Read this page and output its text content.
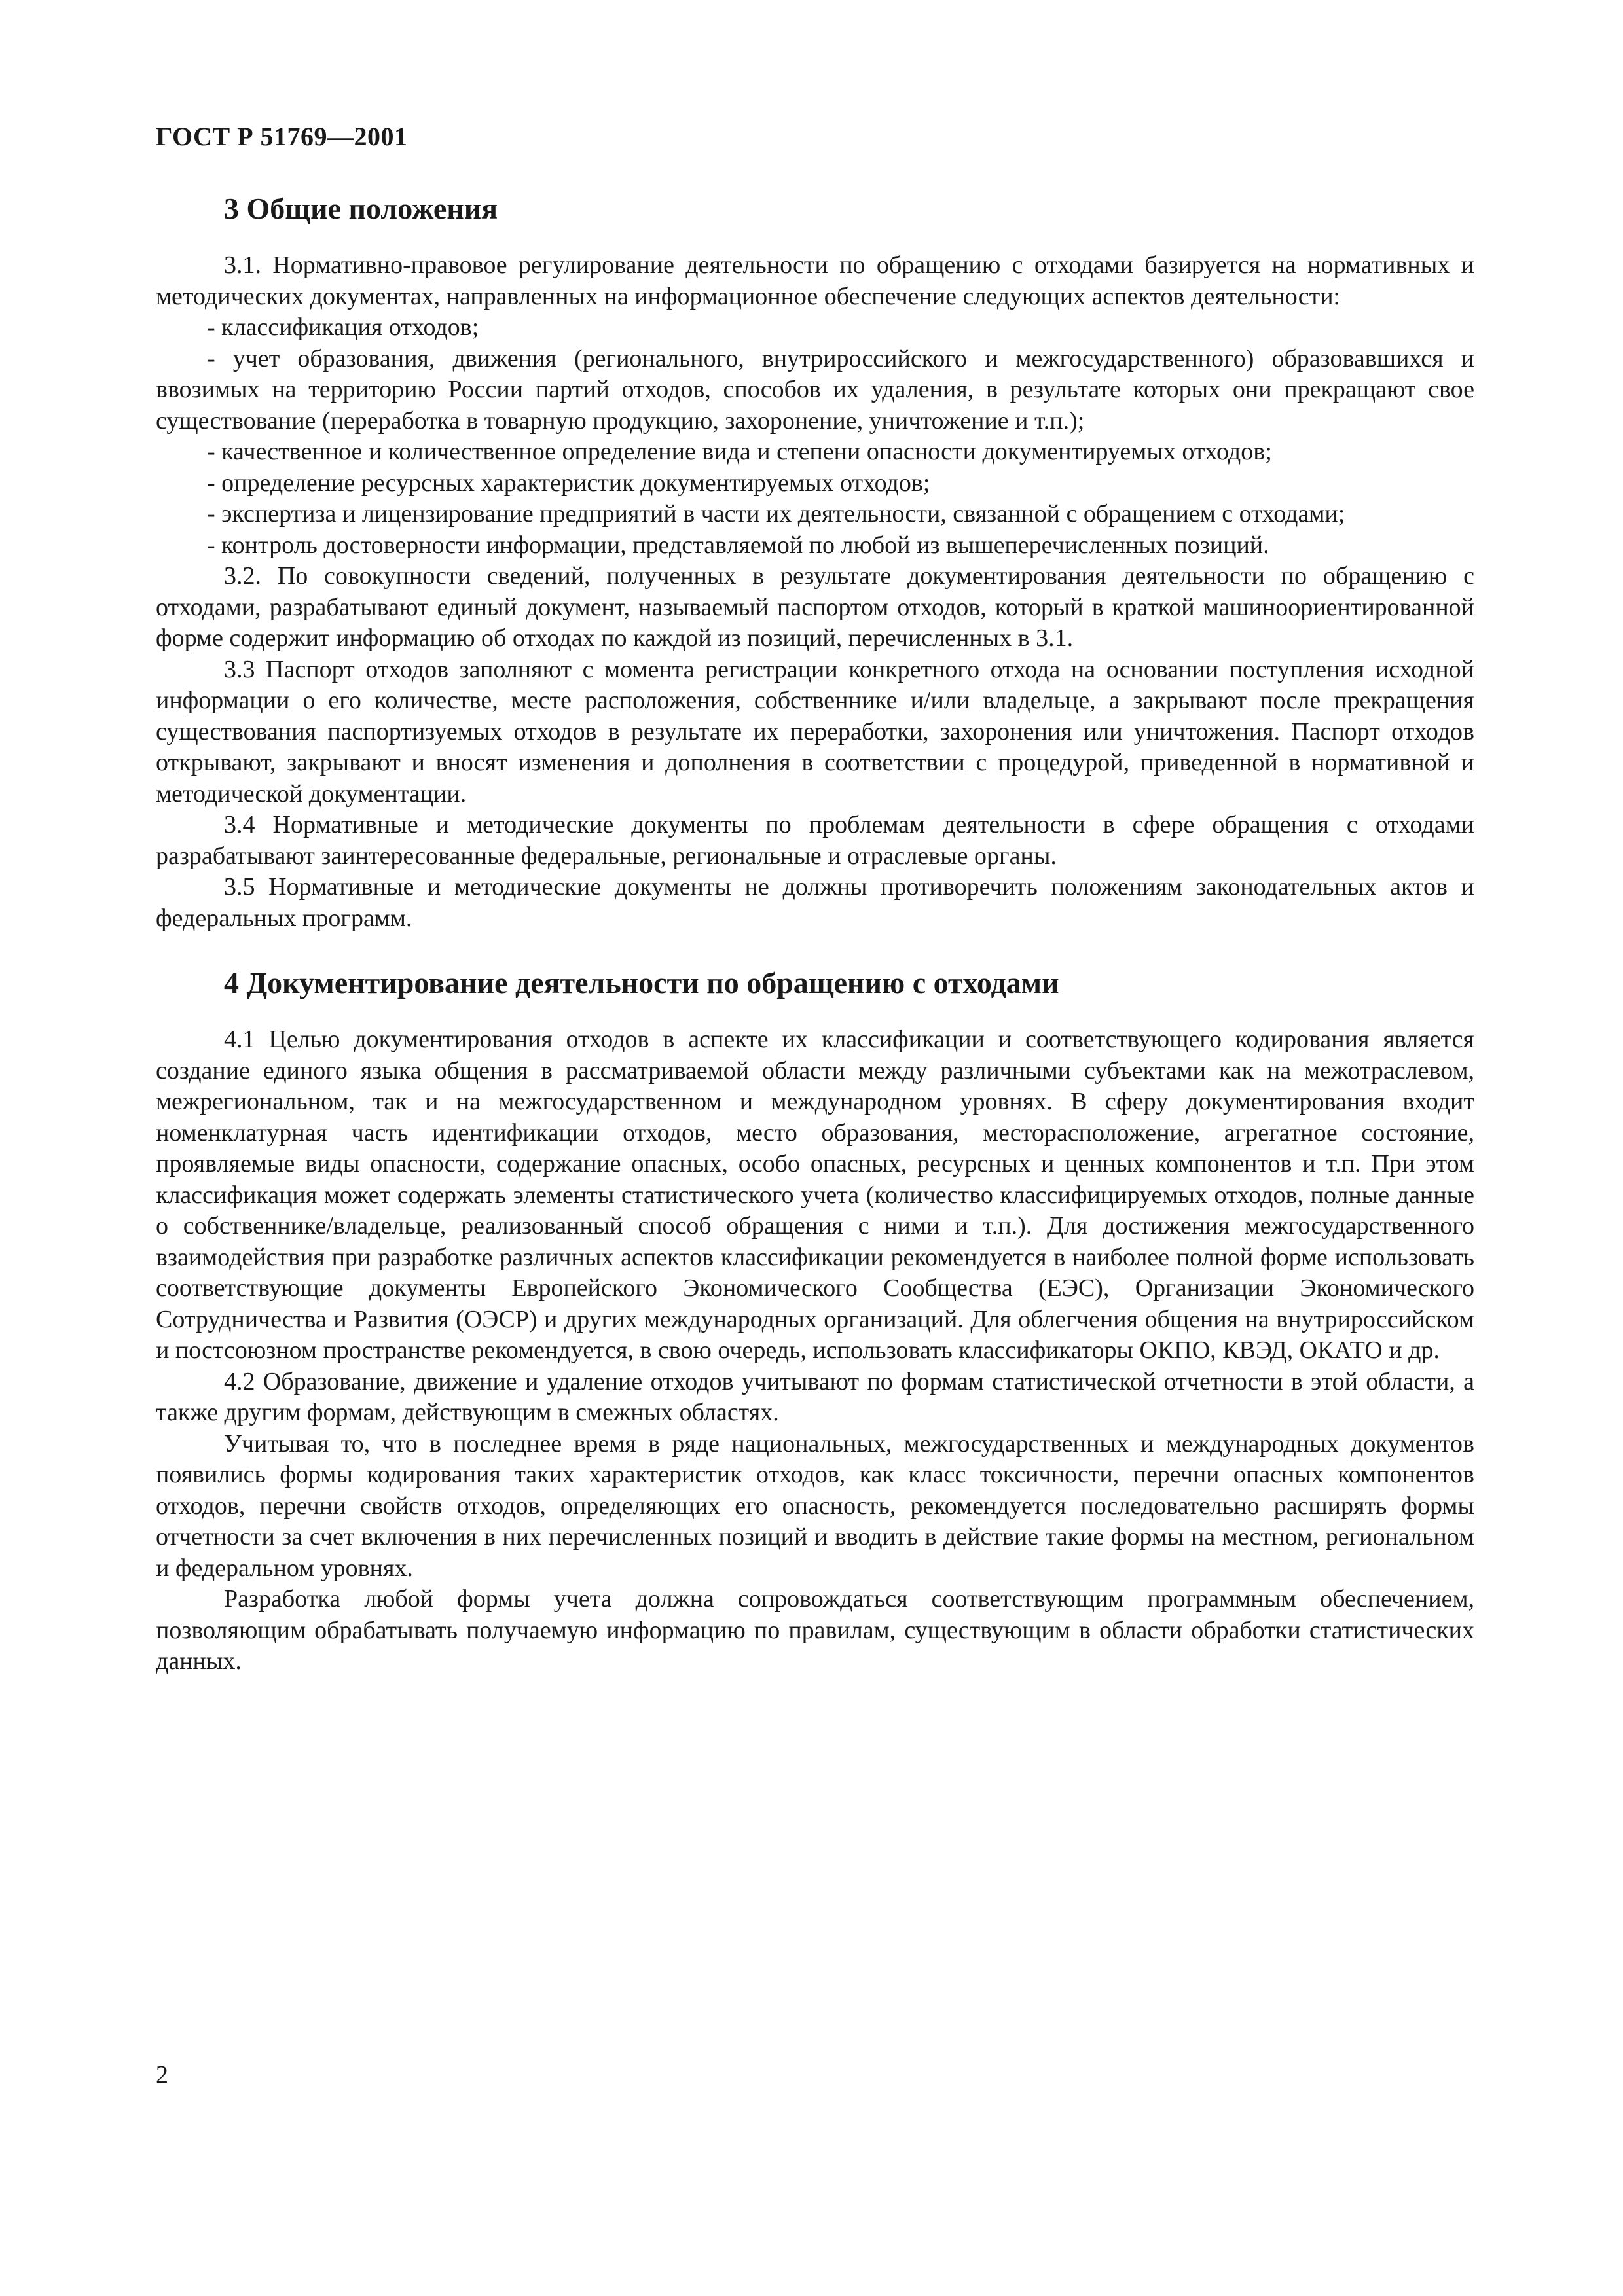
ГОСТ Р 51769—2001
3 Общие положения

3.1. Нормативно-правовое регулирование деятельности по обращению с отходами базируется на нормативных и методических документах, направленных на информационное обеспечение следующих аспектов деятельности:

- классификация отходов;

- учет образования, движения (регионального, внутрироссийского и межгосударственного) образовавшихся и ввозимых на территорию России партий отходов, способов их удаления, в результате которых они прекращают свое существование (переработка в товарную продукцию, захоронение, уничтожение и т.п.);

- качественное и количественное определение вида и степени опасности документируемых отходов;

- определение ресурсных характеристик документируемых отходов;

- экспертиза и лицензирование предприятий в части их деятельности, связанной с обращением с отходами;

- контроль достоверности информации, представляемой по любой из вышеперечисленных позиций.

3.2. По совокупности сведений, полученных в результате документирования деятельности по обращению с отходами, разрабатывают единый документ, называемый паспортом отходов, который в краткой машиноориентированной форме содержит информацию об отходах по каждой из позиций, перечисленных в 3.1.

3.3 Паспорт отходов заполняют с момента регистрации конкретного отхода на основании поступления исходной информации о его количестве, месте расположения, собственнике и/или владельце, а закрывают после прекращения существования паспортизуемых отходов в результате их переработки, захоронения или уничтожения. Паспорт отходов открывают, закрывают и вносят изменения и дополнения в соответствии с процедурой, приведенной в нормативной и методической документации.

3.4 Нормативные и методические документы по проблемам деятельности в сфере обращения с отходами разрабатывают заинтересованные федеральные, региональные и отраслевые органы.

3.5 Нормативные и методические документы не должны противоречить положениям законодательных актов и федеральных программ.

4 Документирование деятельности по обращению с отходами

4.1 Целью документирования отходов в аспекте их классификации и соответствующего кодирования является создание единого языка общения в рассматриваемой области между различными субъектами как на межотраслевом, межрегиональном, так и на межгосударственном и международном уровнях. В сферу документирования входит номенклатурная часть идентификации отходов, место образования, месторасположение, агрегатное состояние, проявляемые виды опасности, содержание опасных, особо опасных, ресурсных и ценных компонентов и т.п. При этом классификация может содержать элементы статистического учета (количество классифицируемых отходов, полные данные о собственнике/владельце, реализованный способ обращения с ними и т.п.). Для достижения межгосударственного взаимодействия при разработке различных аспектов классификации рекомендуется в наиболее полной форме использовать соответствующие документы Европейского Экономического Сообщества (ЕЭС), Организации Экономического Сотрудничества и Развития (ОЭСР) и других международных организаций. Для облегчения общения на внутрироссийском и постсоюзном пространстве рекомендуется, в свою очередь, использовать классификаторы ОКПО, КВЭД, ОКАТО и др.

4.2 Образование, движение и удаление отходов учитывают по формам статистической отчетности в этой области, а также другим формам, действующим в смежных областях.

Учитывая то, что в последнее время в ряде национальных, межгосударственных и международных документов появились формы кодирования таких характеристик отходов, как класс токсичности, перечни опасных компонентов отходов, перечни свойств отходов, определяющих его опасность, рекомендуется последовательно расширять формы отчетности за счет включения в них перечисленных позиций и вводить в действие такие формы на местном, региональном и федеральном уровнях.

Разработка любой формы учета должна сопровождаться соответствующим программным обеспечением, позволяющим обрабатывать получаемую информацию по правилам, существующим в области обработки статистических данных.

2
